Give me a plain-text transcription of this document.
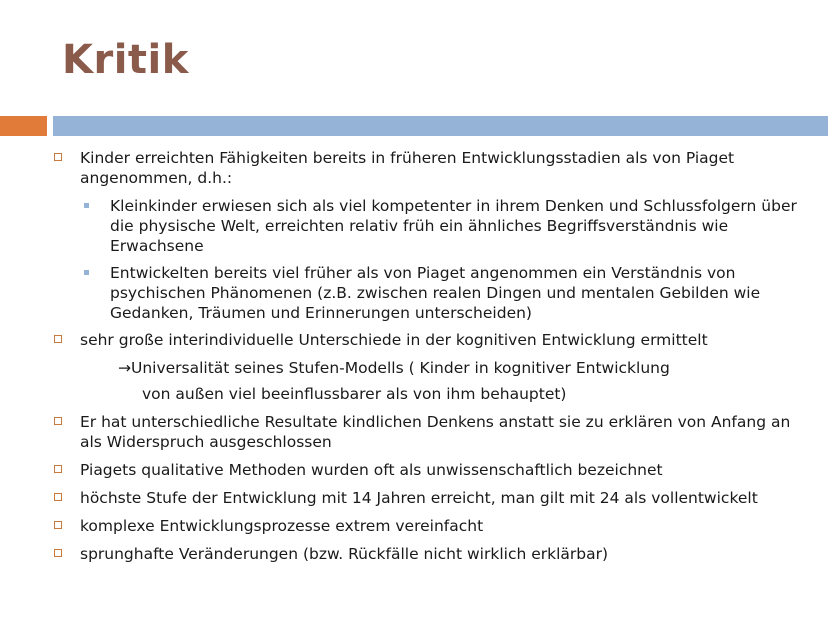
Kritik
Kinder erreichten Fähigkeiten bereits in früheren Entwicklungsstadien als von Piaget angenommen, d.h.:
Kleinkinder erwiesen sich als viel kompetenter in ihrem Denken und Schlussfolgern über die physische Welt, erreichten relativ früh ein ähnliches Begriffsverständnis wie Erwachsene
Entwickelten bereits viel früher als von Piaget angenommen ein Verständnis von psychischen Phänomenen (z.B. zwischen realen Dingen und mentalen Gebilden wie Gedanken, Träumen und Erinnerungen unterscheiden)
sehr große interindividuelle Unterschiede in der kognitiven Entwicklung ermittelt
→Universalität seines Stufen-Modells ( Kinder in kognitiver Entwicklung
von außen viel beeinflussbarer als von ihm behauptet)
Er hat unterschiedliche Resultate kindlichen Denkens anstatt sie zu erklären von Anfang an als Widerspruch ausgeschlossen
Piagets qualitative Methoden wurden oft als unwissenschaftlich bezeichnet
höchste Stufe der Entwicklung mit 14 Jahren erreicht, man gilt mit 24 als vollentwickelt
komplexe Entwicklungsprozesse extrem vereinfacht
sprunghafte Veränderungen (bzw. Rückfälle nicht wirklich erklärbar)
